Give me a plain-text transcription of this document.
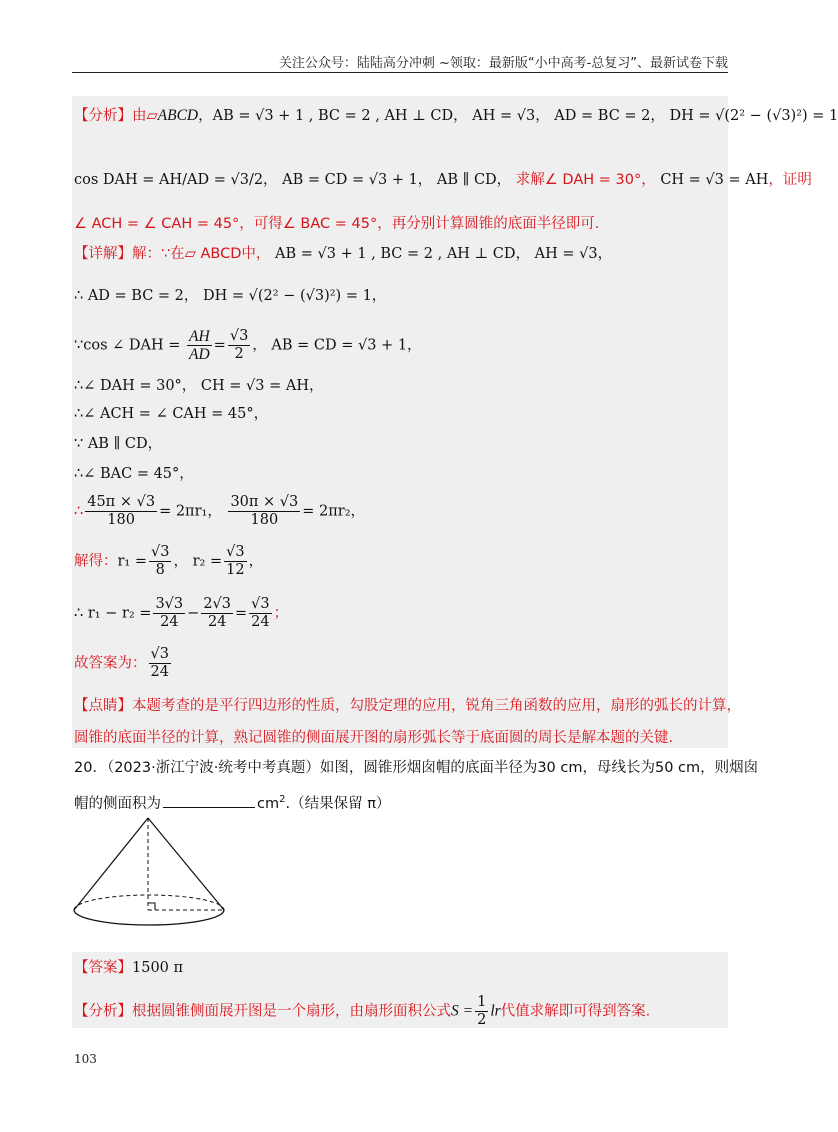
关注公众号：陆陆高分冲刺 ~领取：最新版“小中高考-总复习”、最新试卷下载
【分析】由▱ABCD，AB = √3 + 1 , BC = 2 , AH ⊥ CD， AH = √3， AD = BC = 2， DH = √(2² − (√3)²) = 1
cos DAH = AH/AD = √3/2， AB = CD = √3 + 1， AB ∥ CD， 求解∠ DAH = 30°， CH = √3 = AH，证明
∠ ACH = ∠ CAH = 45°，可得∠ BAC = 45°，再分别计算圆锥的底面半径即可.
【详解】解：∵在▱ ABCD中， AB = √3 + 1 , BC = 2 , AH ⊥ CD， AH = √3，
∴ AD = BC = 2， DH = √(2² − (√3)²) = 1，
∵cos ∠ DAH = $\frac{AH}{AD} = \frac{√3}{2}$ ， AB = CD = √3 + 1，
∴∠ DAH = 30°， CH = √3 = AH，
∴∠ ACH = ∠ CAH = 45°，
∵ AB ∥ CD，
∴∠ BAC = 45°，
∴ $\frac{45\pi \times √3}{180} = 2\pi r_1$， $\frac{30\pi \times √3}{180} = 2\pi r_2$，
解得：$r_1 = \frac{√3}{8}$ ， $r_2 = \frac{√3}{12}$ ，
∴ $r_1 - r_2 = \frac{3√3}{24} - \frac{2√3}{24} = \frac{√3}{24}$ ；
故答案为： $\frac{√3}{24}$
【点睛】本题考查的是平行四边形的性质，勾股定理的应用，锐角三角函数的应用，扇形的弧长的计算，
圆锥的底面半径的计算，熟记圆锥的侧面展开图的扇形弧长等于底面圆的周长是解本题的关键.
20．（2023·浙江宁波·统考中考真题）如图，圆锥形烟囱帽的底面半径为30 cm，母线长为50 cm，则烟囱
帽的侧面积为	$cm^2$.（结果保留 π）
【答案】1500 π
【分析】根据圆锥侧面展开图是一个扇形，由扇形面积公式$S = \frac{1}{2}$ lr代值求解即可得到答案.
103
